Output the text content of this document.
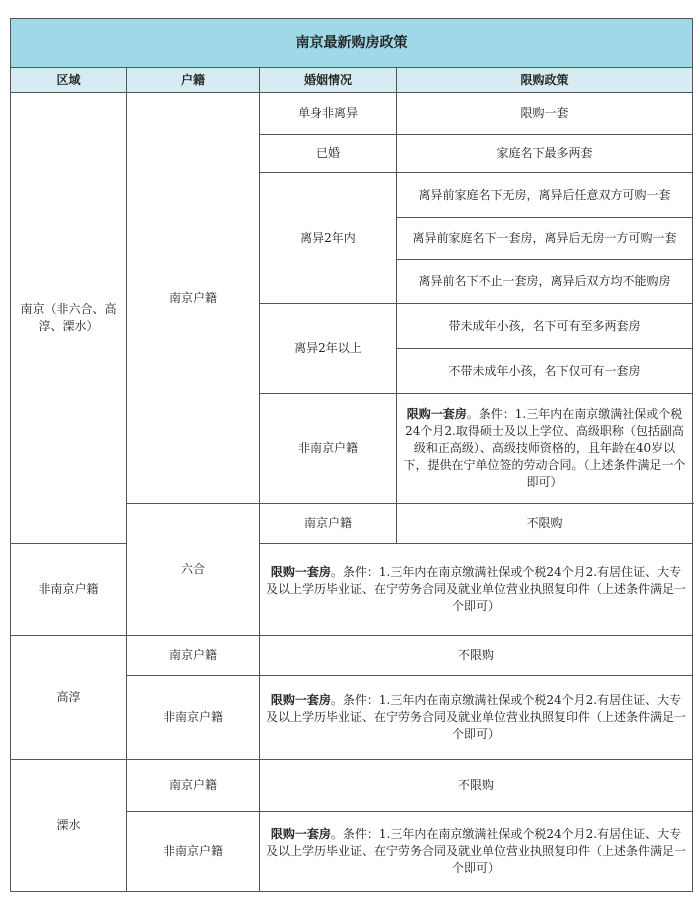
南京最新购房政策			
区域	户籍	婚姻情况	限购政策
南京（非六合、高淳、溧水）	南京户籍	单身非离异	限购一套
		已婚	家庭名下最多两套
		离异2年内	离异前家庭名下无房，离异后任意双方可购一套
			离异前家庭名下一套房，离异后无房一方可购一套
			离异前名下不止一套房，离异后双方均不能购房
		离异2年以上	带未成年小孩，名下可有至多两套房
			不带未成年小孩，名下仅可有一套房
		非南京户籍	限购一套房。条件：1.三年内在南京缴满社保或个税24个月2.取得硕士及以上学位、高级职称（包括副高级和正高级）、高级技师资格的，且年龄在40岁以下，提供在宁单位签的劳动合同。（上述条件满足一个即可）
	六合	南京户籍	不限购
非南京户籍		限购一套房。条件：1.三年内在南京缴满社保或个税24个月2.有居住证、大专及以上学历毕业证、在宁劳务合同及就业单位营业执照复印件（上述条件满足一个即可）	
高淳	南京户籍	不限购	
	非南京户籍	限购一套房。条件：1.三年内在南京缴满社保或个税24个月2.有居住证、大专及以上学历毕业证、在宁劳务合同及就业单位营业执照复印件（上述条件满足一个即可）	
溧水	南京户籍	不限购	
	非南京户籍	限购一套房。条件：1.三年内在南京缴满社保或个税24个月2.有居住证、大专及以上学历毕业证、在宁劳务合同及就业单位营业执照复印件（上述条件满足一个即可）	
